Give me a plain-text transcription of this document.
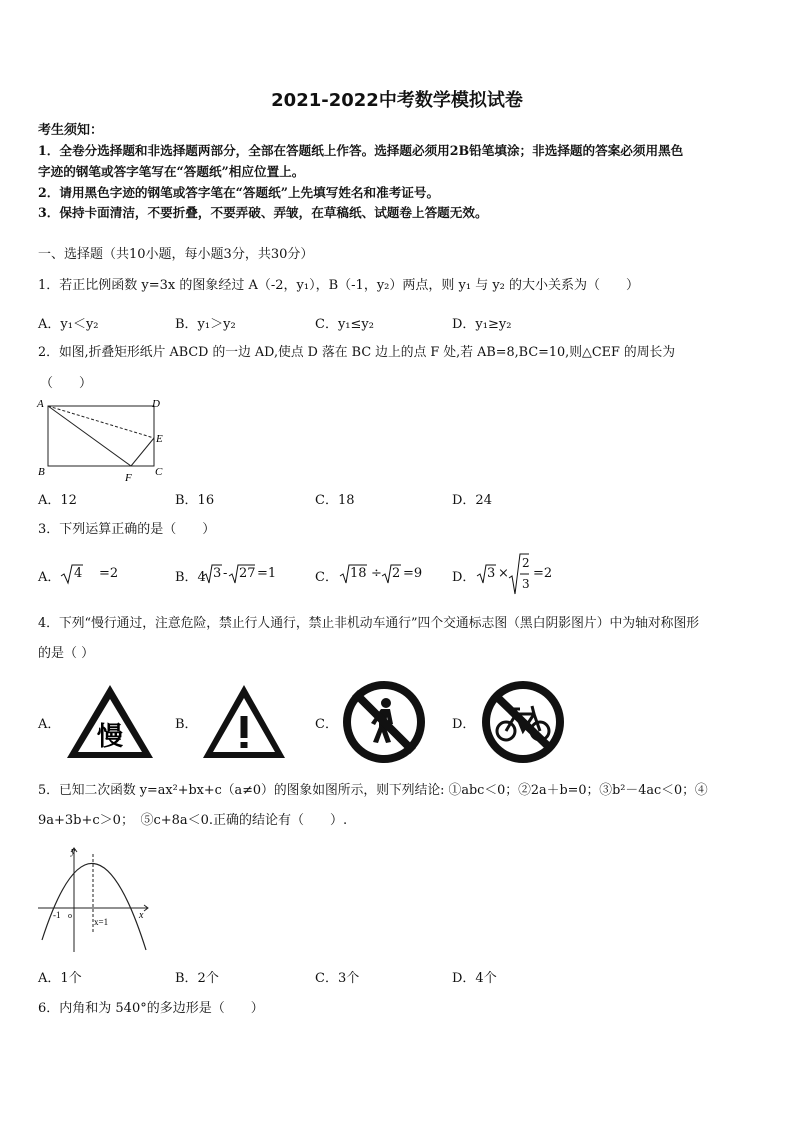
2021-2022中考数学模拟试卷
考生须知：
1．全卷分选择题和非选择题两部分，全部在答题纸上作答。选择题必须用2B铅笔填涂；非选择题的答案必须用黑色
字迹的钢笔或答字笔写在“答题纸”相应位置上。
2．请用黑色字迹的钢笔或答字笔在“答题纸”上先填写姓名和准考证号。
3．保持卡面清洁，不要折叠，不要弄破、弄皱，在草稿纸、试题卷上答题无效。
一、选择题（共10小题，每小题3分，共30分）
1．若正比例函数 y=3x 的图象经过 A（-2，y₁），B（-1，y₂）两点，则 y₁ 与 y₂ 的大小关系为（　　）
A．y₁＜y₂	B．y₁＞y₂	C．y₁≤y₂	D．y₁≥y₂
2．如图,折叠矩形纸片 ABCD 的一边 AD,使点 D 落在 BC 边上的点 F 处,若 AB=8,BC=10,则△CEF 的周长为
（　　）
A	D
B	C
E
F
A．12	B．16	C．18	D．24
3．下列运算正确的是（　　）
A． 4 =2	B．4 3 - 27 =1	C． 18 ÷ 2 =9 D． 3 ×
2
3
=2
4．下列“慢行通过，注意危险，禁止行人通行，禁止非机动车通行”四个交通标志图（黑白阴影图片）中为轴对称图形
的是（ ）
A． 慢	B．
!
C．	D．
5．已知二次函数 y=ax²+bx+c（a≠0）的图象如图所示，则下列结论: ①abc＜0；②2a＋b=0；③b²－4ac＜0；④
9a+3b+c＞0；　⑤c+8a＜0.正确的结论有（　　）.
y
x
-1 o
x=1
A．1个	B．2个	C．3个	D．4个
6．内角和为 540°的多边形是（　　）
